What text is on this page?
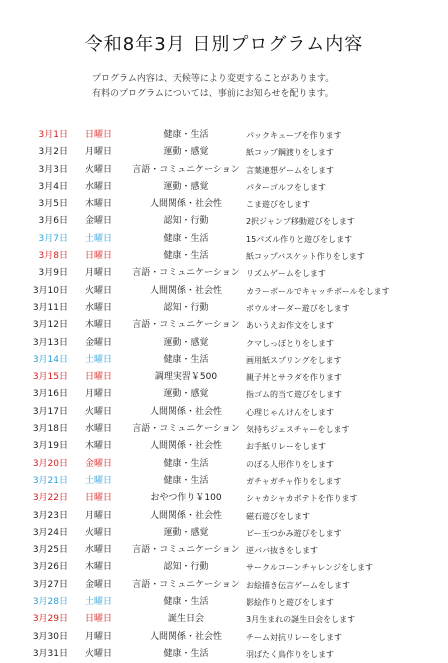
令和8年3月 日別プログラム内容
プログラム内容は、天候等により変更することがあります。
有料のプログラムについては、事前にお知らせを配ります。
3月1日	日曜日	健康・生活	パックキューブを作ります
3月2日	月曜日	運動・感覚	紙コップ鋼渡りをします
3月3日	火曜日	言語・コミュニケーション 言葉連想ゲームをします
3月4日	水曜日	運動・感覚	パターゴルフをします
3月5日	木曜日	人間関係・社会性	こま遊びをします
3月6日	金曜日	認知・行動	2択ジャンプ移動遊びをします
3月7日	土曜日	健康・生活	15パズル作りと遊びをします
3月8日	日曜日	健康・生活	紙コップバスケット作りをします
3月9日	月曜日	言語・コミュニケーション リズムゲームをします
3月10日	火曜日	人間関係・社会性	カラーボールでキャッチボールをします
3月11日	水曜日	認知・行動	ボウルオーダー遊びをします
3月12日	木曜日	言語・コミュニケーション あいうえお作文をします
3月13日	金曜日	運動・感覚	クマしっぽとりをします
3月14日	土曜日	健康・生活	画用紙スプリングをします
3月15日	日曜日	調理実習￥500	親子丼とサラダを作ります
3月16日	月曜日	運動・感覚	指ゴム的当て遊びをします
3月17日	火曜日	人間関係・社会性	心理じゃんけんをします
3月18日	水曜日	言語・コミュニケーション 気持ちジェスチャーをします
3月19日	木曜日	人間関係・社会性	お手紙リレーをします
3月20日	金曜日	健康・生活	のぼる人形作りをします
3月21日	土曜日	健康・生活	ガチャガチャ作りをします
3月22日	日曜日	おやつ作り￥100	シャカシャカポテトを作ります
3月23日	月曜日	人間関係・社会性	磁石遊びをします
3月24日	火曜日	運動・感覚	ビー玉つかみ遊びをします
3月25日	水曜日	言語・コミュニケーション 逆ババ抜きをします
3月26日	木曜日	認知・行動	サークルコーンチャレンジをします
3月27日	金曜日	言語・コミュニケーション お絵描き伝言ゲームをします
3月28日	土曜日	健康・生活	影絵作りと遊びをします
3月29日	日曜日	誕生日会	3月生まれの誕生日会をします
3月30日	月曜日	人間関係・社会性	チーム対抗リレーをします
3月31日	火曜日	健康・生活	羽ばたく鳥作りをします
